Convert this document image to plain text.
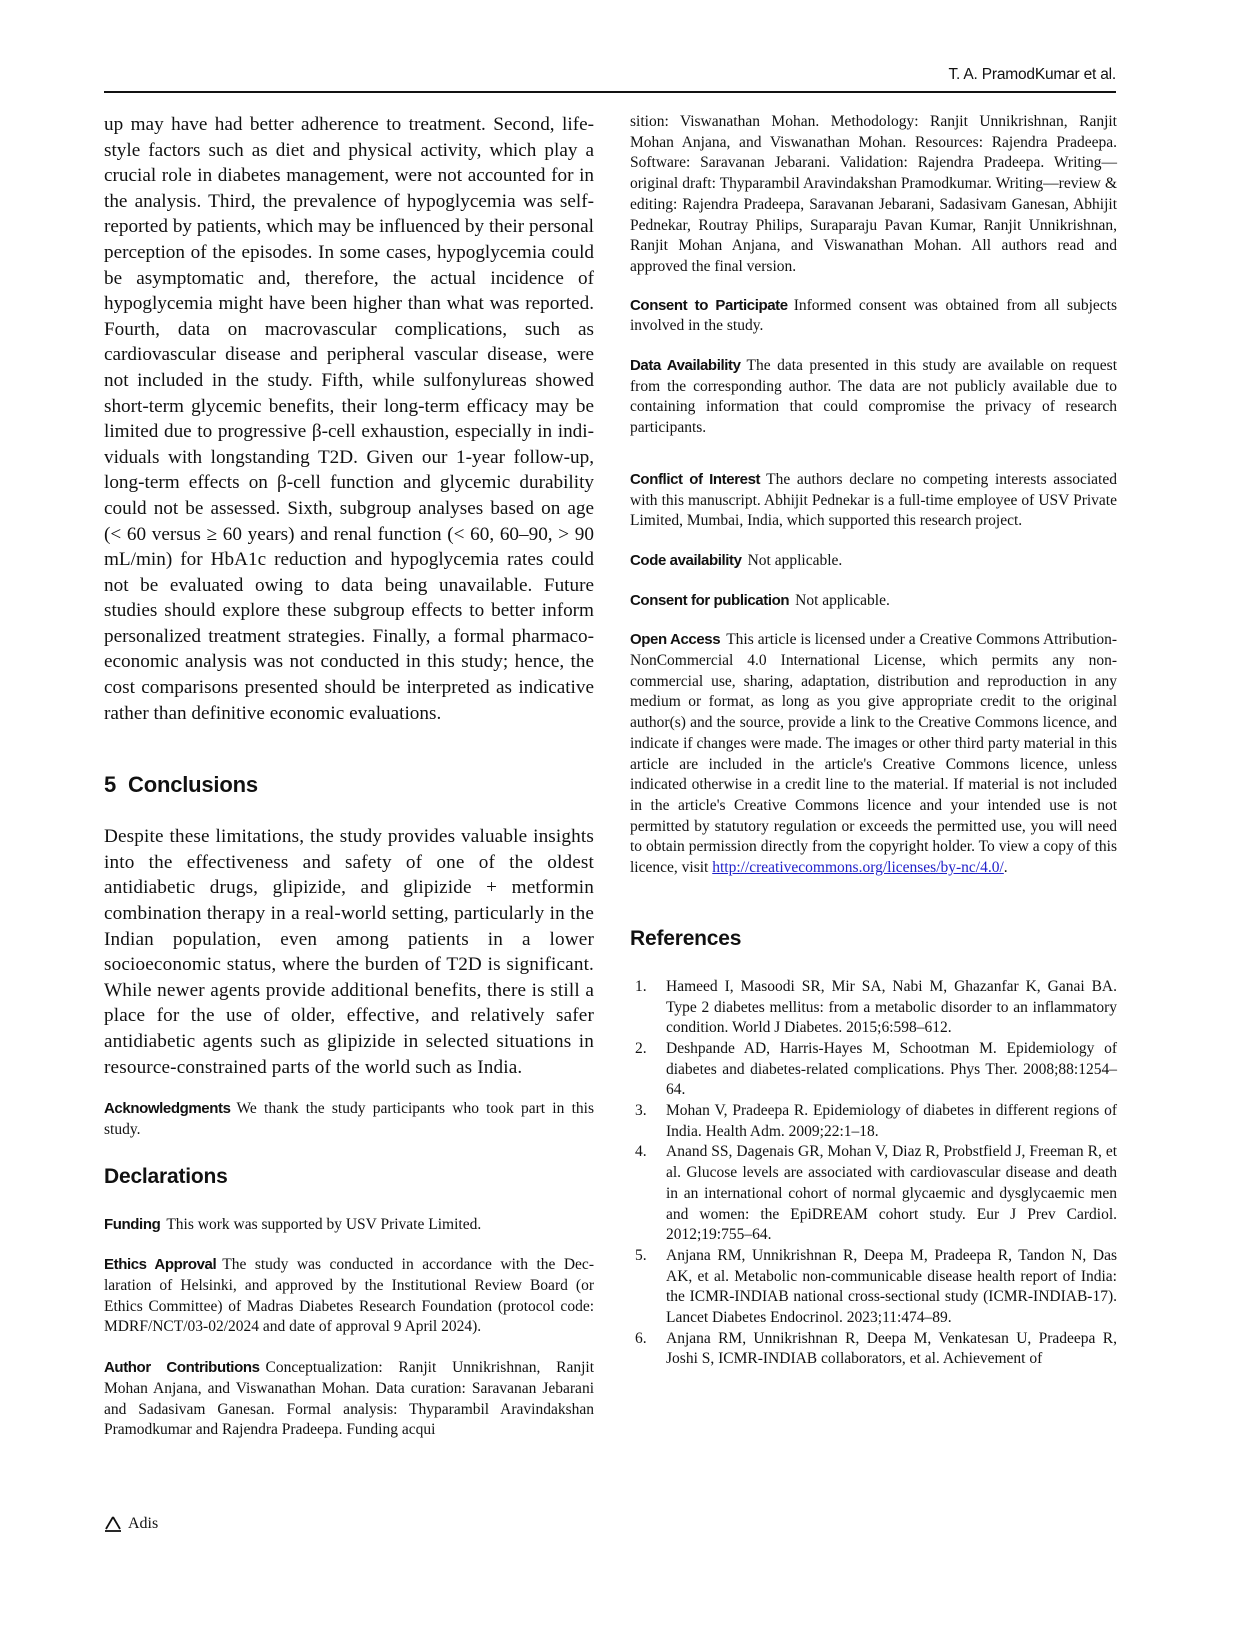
T. A. PramodKumar et al.

up may have had better adherence to treatment. Second, lifestyle factors such as diet and physical activity, which play a crucial role in diabetes management, were not accounted for in the analysis. Third, the prevalence of hypoglycemia was self-reported by patients, which may be influenced by their personal perception of the episodes. In some cases, hypoglycemia could be asymptomatic and, therefore, the actual incidence of hypoglycemia might have been higher than what was reported. Fourth, data on macrovascular complications, such as cardiovascular disease and peripheral vascular disease, were not included in the study. Fifth, while sulfonylureas showed short-term glycemic benefits, their long-term efficacy may be limited due to progressive β-cell exhaustion, especially in individuals with longstanding T2D. Given our 1-year follow-up, long-term effects on β-cell function and glycemic durability could not be assessed. Sixth, subgroup analyses based on age (< 60 versus ≥ 60 years) and renal function (< 60, 60–90, > 90 mL/min) for HbA1c reduction and hypoglycemia rates could not be evaluated owing to data being unavailable. Future studies should explore these subgroup effects to better inform personalized treatment strategies. Finally, a formal pharmacoeconomic analysis was not conducted in this study; hence, the cost comparisons presented should be interpreted as indicative rather than definitive economic evaluations.

5 Conclusions

Despite these limitations, the study provides valuable insights into the effectiveness and safety of one of the oldest antidiabetic drugs, glipizide, and glipizide + metformin combination therapy in a real-world setting, particularly in the Indian population, even among patients in a lower socioeconomic status, where the burden of T2D is significant. While newer agents provide additional benefits, there is still a place for the use of older, effective, and relatively safer antidiabetic agents such as glipizide in selected situations in resource-constrained parts of the world such as India.

Acknowledgments We thank the study participants who took part in this study.

Declarations

Funding This work was supported by USV Private Limited.

Ethics Approval The study was conducted in accordance with the Declaration of Helsinki, and approved by the Institutional Review Board (or Ethics Committee) of Madras Diabetes Research Foundation (protocol code: MDRF/NCT/03-02/2024 and date of approval 9 April 2024).

Author Contributions Conceptualization: Ranjit Unnikrishnan, Ranjit Mohan Anjana, and Viswanathan Mohan. Data curation: Saravanan Jebarani and Sadasivam Ganesan. Formal analysis: Thyparambil Aravindakshan Pramodkumar and Rajendra Pradeepa. Funding acqui

sition: Viswanathan Mohan. Methodology: Ranjit Unnikrishnan, Ranjit Mohan Anjana, and Viswanathan Mohan. Resources: Rajendra Pradeepa. Software: Saravanan Jebarani. Validation: Rajendra Pradeepa. Writing—original draft: Thyparambil Aravindakshan Pramodkumar. Writing—review & editing: Rajendra Pradeepa, Saravanan Jebarani, Sadasivam Ganesan, Abhijit Pednekar, Routray Philips, Suraparaju Pavan Kumar, Ranjit Unnikrishnan, Ranjit Mohan Anjana, and Viswanathan Mohan. All authors read and approved the final version.

Consent to Participate Informed consent was obtained from all subjects involved in the study.

Data Availability The data presented in this study are available on request from the corresponding author. The data are not publicly available due to containing information that could compromise the privacy of research participants.

Conflict of Interest The authors declare no competing interests associated with this manuscript. Abhijit Pednekar is a full-time employee of USV Private Limited, Mumbai, India, which supported this research project.

Code availability Not applicable.

Consent for publication Not applicable.

Open Access This article is licensed under a Creative Commons Attribution-NonCommercial 4.0 International License, which permits any non-commercial use, sharing, adaptation, distribution and reproduction in any medium or format, as long as you give appropriate credit to the original author(s) and the source, provide a link to the Creative Commons licence, and indicate if changes were made. The images or other third party material in this article are included in the article's Creative Commons licence, unless indicated otherwise in a credit line to the material. If material is not included in the article's Creative Commons licence and your intended use is not permitted by statutory regulation or exceeds the permitted use, you will need to obtain permission directly from the copyright holder. To view a copy of this licence, visit http://creativecommons.org/licenses/by-nc/4.0/.

References
1. Hameed I, Masoodi SR, Mir SA, Nabi M, Ghazanfar K, Ganai BA. Type 2 diabetes mellitus: from a metabolic disorder to an inflammatory condition. World J Diabetes. 2015;6:598–612.
2. Deshpande AD, Harris-Hayes M, Schootman M. Epidemiology of diabetes and diabetes-related complications. Phys Ther. 2008;88:1254–64.
3. Mohan V, Pradeepa R. Epidemiology of diabetes in different regions of India. Health Adm. 2009;22:1–18.
4. Anand SS, Dagenais GR, Mohan V, Diaz R, Probstfield J, Freeman R, et al. Glucose levels are associated with cardiovascular disease and death in an international cohort of normal glycaemic and dysglycaemic men and women: the EpiDREAM cohort study. Eur J Prev Cardiol. 2012;19:755–64.
5. Anjana RM, Unnikrishnan R, Deepa M, Pradeepa R, Tandon N, Das AK, et al. Metabolic non-communicable disease health report of India: the ICMR-INDIAB national cross-sectional study (ICMR-INDIAB-17). Lancet Diabetes Endocrinol. 2023;11:474–89.
6. Anjana RM, Unnikrishnan R, Deepa M, Venkatesan U, Pradeepa R, Joshi S, ICMR-INDIAB collaborators, et al. Achievement of
Adis
